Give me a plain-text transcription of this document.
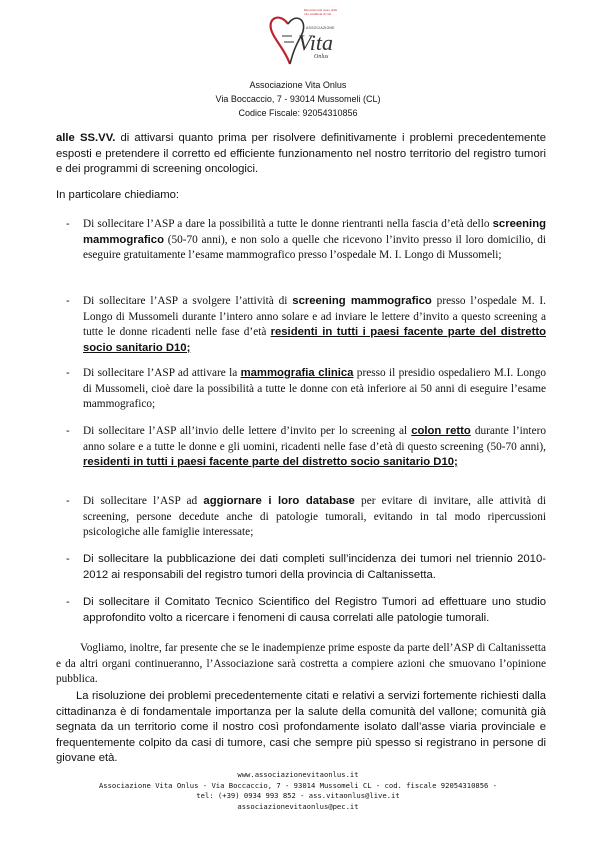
Riscattarsi nel cuore della vita, testimoni di vita
ASSOCIAZIONE
Vita
Onlus
Associazione Vita Onlus
Via Boccaccio, 7 - 93014 Mussomeli (CL)
Codice Fiscale: 92054310856
alle SS.VV. di attivarsi quanto prima per risolvere definitivamente i problemi precedentemente esposti e pretendere il corretto ed efficiente funzionamento nel nostro territorio del registro tumori e dei programmi di screening oncologici.
In particolare chiediamo:
- Di sollecitare l’ASP a dare la possibilità a tutte le donne rientranti nella fascia d’età dello screening mammografico (50-70 anni), e non solo a quelle che ricevono l’invito presso il loro domicilio, di eseguire gratuitamente l’esame mammografico presso l’ospedale M. I. Longo di Mussomeli;
- Di sollecitare l’ASP a svolgere l’attività di screening mammografico presso l’ospedale M. I. Longo di Mussomeli durante l’intero anno solare e ad inviare le lettere d’invito a questo screening a tutte le donne ricadenti nelle fase d’età residenti in tutti i paesi facente parte del distretto socio sanitario D10;
- Di sollecitare l’ASP ad attivare la mammografia clinica presso il presidio ospedaliero M.I. Longo di Mussomeli, cioè dare la possibilità a tutte le donne con età inferiore ai 50 anni di eseguire l’esame mammografico;
- Di sollecitare l’ASP all’invio delle lettere d’invito per lo screening al colon retto durante l’intero anno solare e a tutte le donne e gli uomini, ricadenti nelle fase d’età di questo screening (50-70 anni), residenti in tutti i paesi facente parte del distretto socio sanitario D10;
- Di sollecitare l’ASP ad aggiornare i loro database per evitare di invitare, alle attività di screening, persone decedute anche di patologie tumorali, evitando in tal modo ripercussioni psicologiche alle famiglie interessate;
- Di sollecitare la pubblicazione dei dati completi sull’incidenza dei tumori nel triennio 2010-2012 ai responsabili del registro tumori della provincia di Caltanissetta.
- Di sollecitare il Comitato Tecnico Scientifico del Registro Tumori ad effettuare uno studio approfondito volto a ricercare i fenomeni di causa correlati alle patologie tumorali.
Vogliamo, inoltre, far presente che se le inadempienze prime esposte da parte dell’ASP di Caltanissetta e da altri organi continueranno, l’Associazione sarà costretta a compiere azioni che smuovano l’opinione pubblica.
La risoluzione dei problemi precedentemente citati e relativi a servizi fortemente richiesti dalla cittadinanza è di fondamentale importanza per la salute della comunità del vallone; comunità già segnata da un territorio come il nostro così profondamente isolato dall’asse viaria provinciale e frequentemente colpito da casi di tumore, casi che sempre più spesso si registrano in persone di giovane età.
www.associazionevitaonlus.it
Associazione Vita Onlus - Via Boccaccio, 7 - 93014 Mussomeli CL - cod. fiscale 92054310856 -
tel: (+39) 0934 993 852 - ass.vitaonlus@live.it
associazionevitaonlus@pec.it
